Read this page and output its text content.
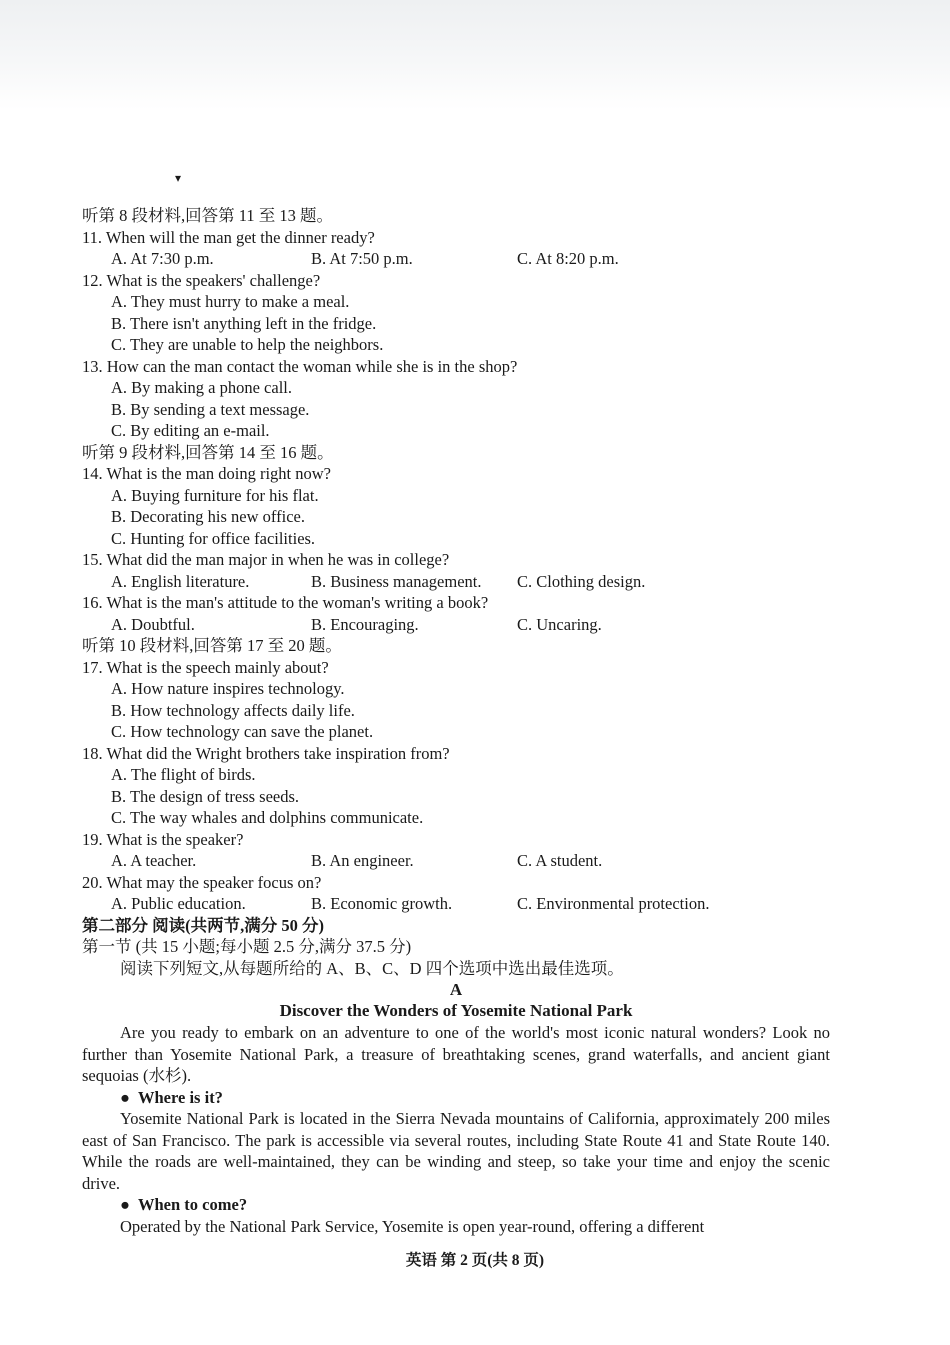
▾
听第 8 段材料,回答第 11 至 13 题。
11. When will the man get the dinner ready?
A. At 7:30 p.m.	B. At 7:50 p.m.	C. At 8:20 p.m.
12. What is the speakers' challenge?
A. They must hurry to make a meal.
B. There isn't anything left in the fridge.
C. They are unable to help the neighbors.
13. How can the man contact the woman while she is in the shop?
A. By making a phone call.
B. By sending a text message.
C. By editing an e-mail.
听第 9 段材料,回答第 14 至 16 题。
14. What is the man doing right now?
A. Buying furniture for his flat.
B. Decorating his new office.
C. Hunting for office facilities.
15. What did the man major in when he was in college?
A. English literature.	B. Business management. C. Clothing design.
16. What is the man's attitude to the woman's writing a book?
A. Doubtful.	B. Encouraging.	C. Uncaring.
听第 10 段材料,回答第 17 至 20 题。
17. What is the speech mainly about?
A. How nature inspires technology.
B. How technology affects daily life.
C. How technology can save the planet.
18. What did the Wright brothers take inspiration from?
A. The flight of birds.
B. The design of tress seeds.
C. The way whales and dolphins communicate.
19. What is the speaker?
A. A teacher.	B. An engineer.	C. A student.
20. What may the speaker focus on?
A. Public education.	B. Economic growth.	C. Environmental protection.
第二部分 阅读(共两节,满分 50 分)
第一节 (共 15 小题;每小题 2.5 分,满分 37.5 分)
阅读下列短文,从每题所给的 A、B、C、D 四个选项中选出最佳选项。
A
Discover the Wonders of Yosemite National Park
Are you ready to embark on an adventure to one of the world's most iconic natural wonders? Look no further than Yosemite National Park, a treasure of breathtaking scenes, grand waterfalls, and ancient giant sequoias (水杉).
● Where is it?
Yosemite National Park is located in the Sierra Nevada mountains of California, approximately 200 miles east of San Francisco. The park is accessible via several routes, including State Route 41 and State Route 140. While the roads are well-maintained, they can be winding and steep, so take your time and enjoy the scenic drive.
● When to come?
Operated by the National Park Service, Yosemite is open year-round, offering a different
英语 第 2 页(共 8 页)
